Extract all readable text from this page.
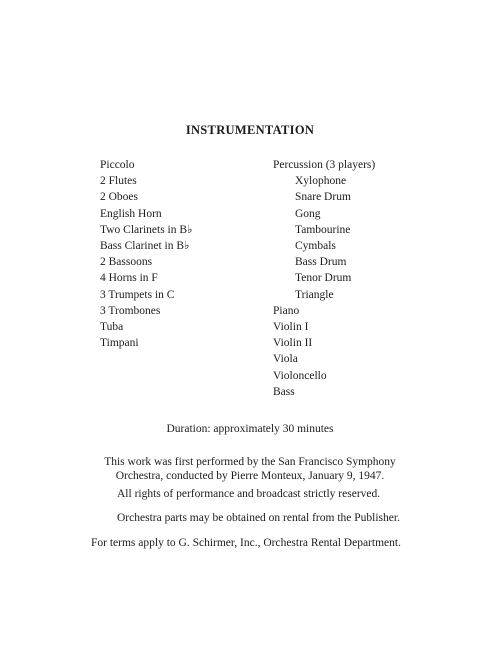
INSTRUMENTATION
Piccolo
2 Flutes
2 Oboes
English Horn
Two Clarinets in B♭
Bass Clarinet in B♭
2 Bassoons
4 Horns in F
3 Trumpets in C
3 Trombones
Tuba
Timpani
Percussion (3 players)
Xylophone
Snare Drum
Gong
Tambourine
Cymbals
Bass Drum
Tenor Drum
Triangle
Piano
Violin I
Violin II
Viola
Violoncello
Bass
Duration: approximately 30 minutes
This work was first performed by the San Francisco Symphony
Orchestra, conducted by Pierre Monteux, January 9, 1947.
All rights of performance and broadcast strictly reserved.
Orchestra parts may be obtained on rental from the Publisher.
For terms apply to G. Schirmer, Inc., Orchestra Rental Department.
